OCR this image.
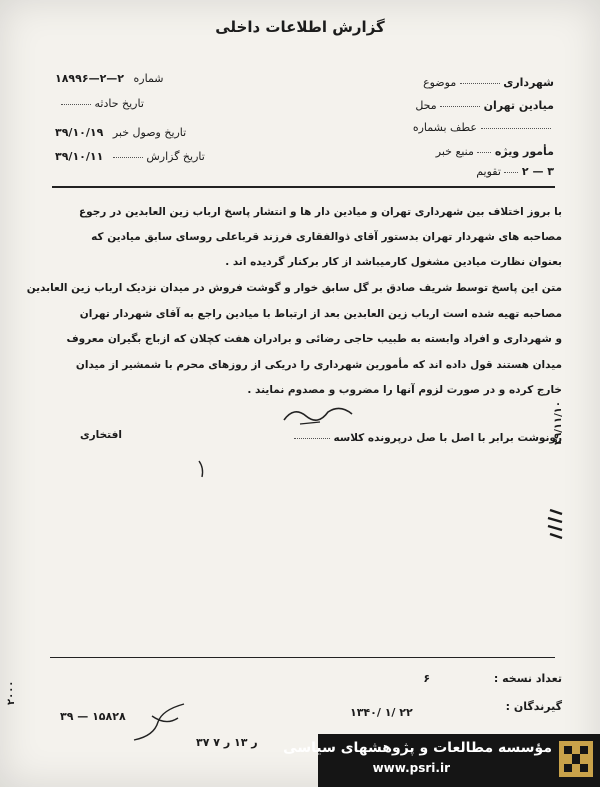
گزارش اطلاعات داخلی
موضوع	شهرداری
محل	میادین تهران
عطف بشماره
منبع خبر مأمور ویژه
تقویم ۳ — ۲
شماره ۲—۲—۱۸۹۹۶
تاریخ حادثه
تاریخ وصول خبر ۳۹/۱۰/۱۹
تاریخ گزارش  ۳۹/۱۰/۱۱
با بروز اختلاف بین شهرداری تهران و میادین دار ها و انتشار پاسخ ارباب زین العابدین در رجوع
مصاحبه های شهردار تهران بدستور آقای ذوالفقاری فرزند قرباعلی روسای سابق میادین که
بعنوان نظارت میادین مشغول کارمیباشد از کار برکنار گردیده اند .
متن این پاسخ توسط شریف صادق بر گل سابق خوار و گوشت فروش در میدان نزدیک ارباب زین العابدین
مصاحبه تهیه شده است ارباب زین العابدین بعد از ارتباط با میادین راجع به آقای شهردار تهران
و شهرداری و افراد وابسته به طبیب حاجی رضائی و برادران هفت کچلان که ازباج بگیران معروف
میدان هستند قول داده اند که مأمورین شهرداری را دریکی از روزهای محرم با شمشیر از میدان
خارج کرده و در صورت لزوم آنها را مضروب و مصدوم نمایند .
رونوشت برابر با اصل با صل درپرونده کلاسه
افتخاری	۳۹/۱۱/۱۰
تعداد نسخه : ۶
گیرندگان :
۱۳۴۰/ ۱/ ۲۲
۳۹ — ۱۵۸۲۸
۳۷ ر ۱۳ ر ۷
۲۰۰۰
مؤسسه مطالعات و پژوهشهای سیاسی
www.psri.ir
